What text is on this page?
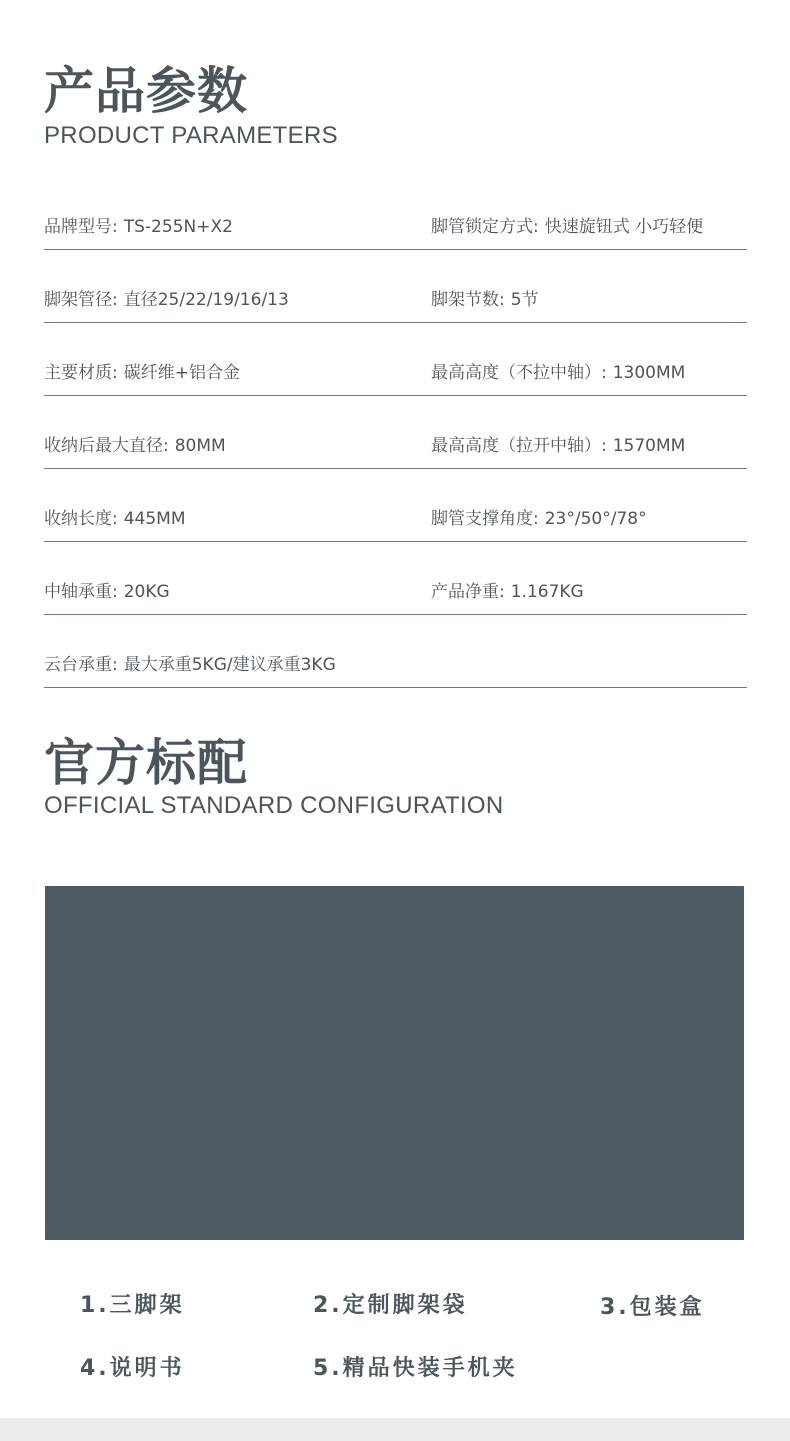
产品参数
PRODUCT PARAMETERS
品牌型号: TS-255N+X2	脚管锁定方式: 快速旋钮式 小巧轻便
脚架管径: 直径25/22/19/16/13	脚架节数: 5节
主要材质: 碳纤维+铝合金	最高高度（不拉中轴）: 1300MM
收纳后最大直径: 80MM	最高高度（拉开中轴）: 1570MM
收纳长度: 445MM	脚管支撑角度: 23°/50°/78°
中轴承重: 20KG	产品净重: 1.167KG
云台承重: 最大承重5KG/建议承重3KG
官方标配
OFFICIAL STANDARD CONFIGURATION
1.三脚架	2.定制脚架袋	3.包装盒
4.说明书	5.精品快装手机夹
